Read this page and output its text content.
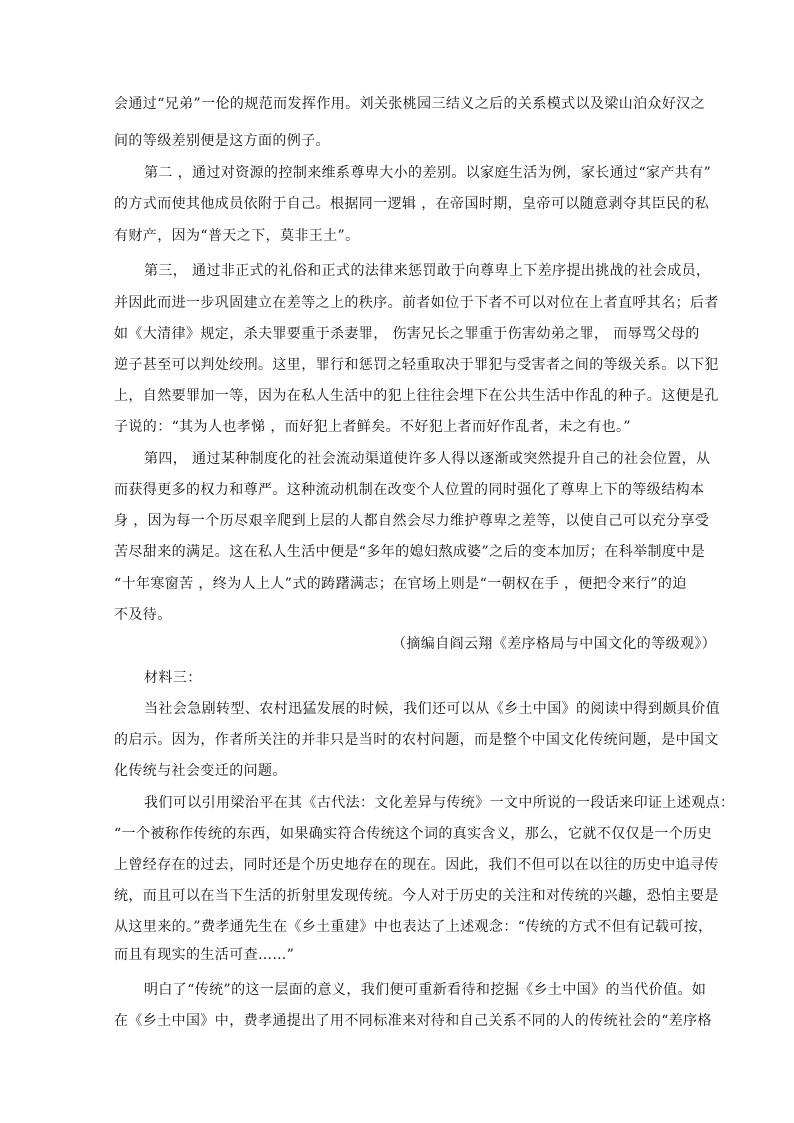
会通过“兄弟”一伦的规范而发挥作用。刘关张桃园三结义之后的关系模式以及梁山泊众好汉之
间的等级差别便是这方面的例子。
第二 ，通过对资源的控制来维系尊卑大小的差别。以家庭生活为例，家长通过“家产共有”
的方式而使其他成员依附于自己。根据同一逻辑 ，在帝国时期，皇帝可以随意剥夺其臣民的私
有财产，因为“普天之下，莫非王土”。
第三， 通过非正式的礼俗和正式的法律来惩罚敢于向尊卑上下差序提出挑战的社会成员，
并因此而进一步巩固建立在差等之上的秩序。前者如位于下者不可以对位在上者直呼其名；后者
如《大清律》规定，杀夫罪要重于杀妻罪， 伤害兄长之罪重于伤害幼弟之罪， 而辱骂父母的
逆子甚至可以判处绞刑。这里，罪行和惩罚之轻重取决于罪犯与受害者之间的等级关系。以下犯
上，自然要罪加一等，因为在私人生活中的犯上往往会埋下在公共生活中作乱的种子。这便是孔
子说的：“其为人也孝悌 ，而好犯上者鲜矣。不好犯上者而好作乱者，未之有也。”
第四， 通过某种制度化的社会流动渠道使许多人得以逐渐或突然提升自己的社会位置，从
而获得更多的权力和尊严。这种流动机制在改变个人位置的同时强化了尊卑上下的等级结构本
身 ，因为每一个历尽艰辛爬到上层的人都自然会尽力维护尊卑之差等，以使自己可以充分享受
苦尽甜来的满足。这在私人生活中便是“多年的媳妇熬成婆”之后的变本加厉；在科举制度中是
“十年寒窗苦 ，终为人上人”式的踌躇满志；在官场上则是“一朝权在手 ，便把令来行”的迫
不及待。
（摘编自阎云翔《差序格局与中国文化的等级观》）
材料三：
当社会急剧转型、农村迅猛发展的时候，我们还可以从《乡土中国》的阅读中得到颇具价值
的启示。因为，作者所关注的并非只是当时的农村问题，而是整个中国文化传统问题，是中国文
化传统与社会变迁的问题。
我们可以引用梁治平在其《古代法：文化差异与传统》一文中所说的一段话来印证上述观点：
“一个被称作传统的东西，如果确实符合传统这个词的真实含义，那么，它就不仅仅是一个历史
上曾经存在的过去，同时还是个历史地存在的现在。因此，我们不但可以在以往的历史中追寻传
统，而且可以在当下生活的折射里发现传统。今人对于历史的关注和对传统的兴趣，恐怕主要是
从这里来的。”费孝通先生在《乡土重建》中也表达了上述观念：“传统的方式不但有记载可按，
而且有现实的生活可查……”
明白了“传统”的这一层面的意义，我们便可重新看待和挖掘《乡土中国》的当代价值。如
在《乡土中国》中，费孝通提出了用不同标准来对待和自己关系不同的人的传统社会的“差序格
